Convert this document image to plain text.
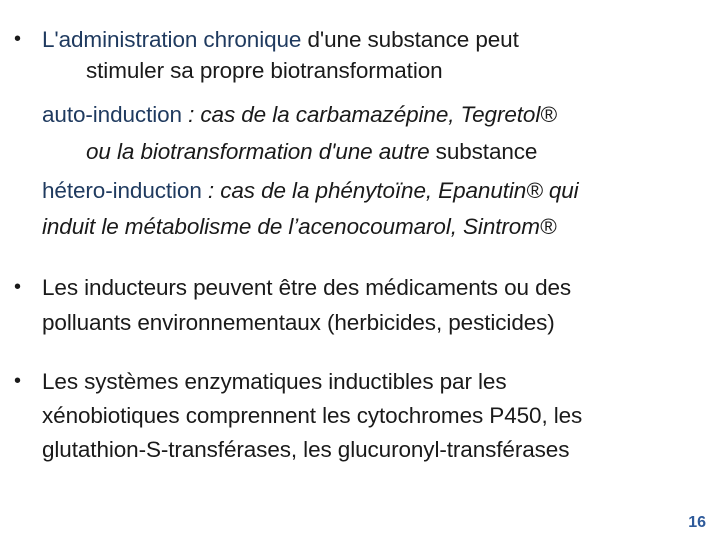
• L'administration chronique d'une substance peut
stimuler sa propre biotransformation
auto-induction : cas de la carbamazépine, Tegretol®
ou la biotransformation d'une autre substance
hétero-induction : cas de la phénytoïne, Epanutin® qui
induit le métabolisme de l’acenocoumarol, Sintrom®
• Les inducteurs peuvent être des médicaments ou des
polluants environnementaux (herbicides, pesticides)
• Les systèmes enzymatiques inductibles par les
xénobiotiques comprennent les cytochromes P450, les
glutathion-S-transférases, les glucuronyl-transférases
16
